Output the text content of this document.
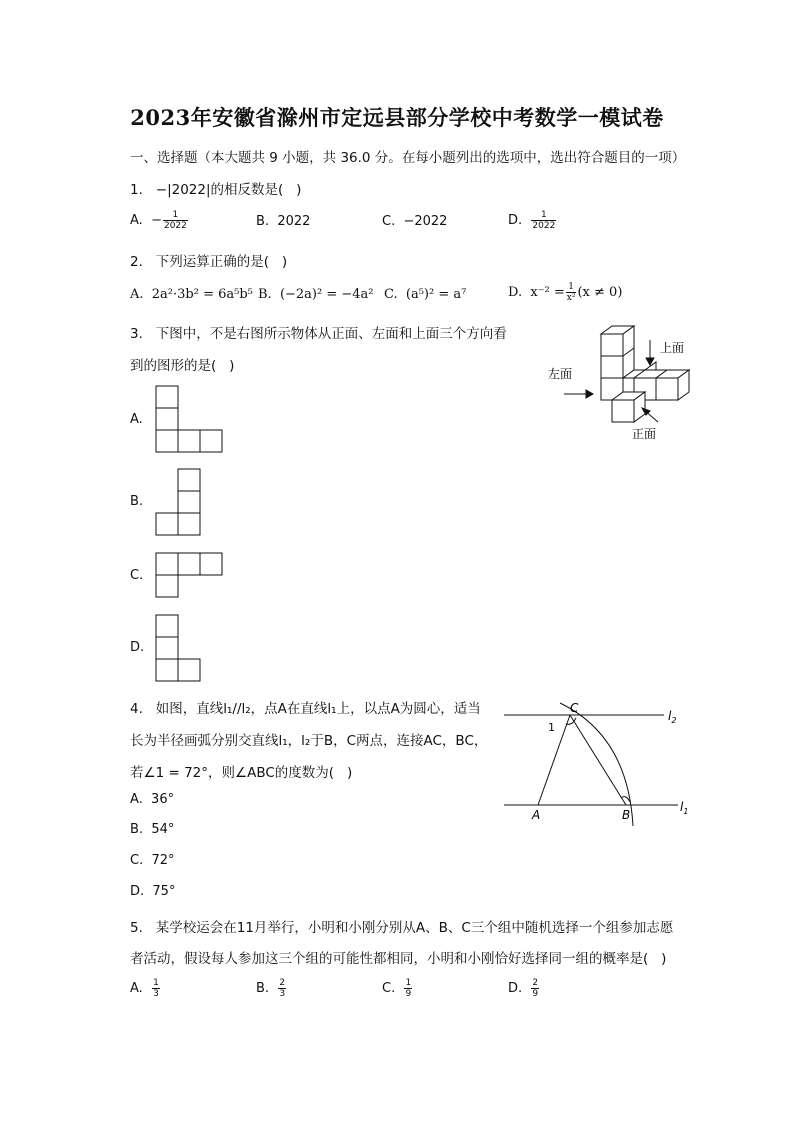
2023年安徽省滁州市定远县部分学校中考数学一模试卷
一、选择题（本大题共 9 小题，共 36.0 分。在每小题列出的选项中，选出符合题目的一项）
1.   −|2022|的相反数是(   )
A. − $\frac{1}{2022}$	B.  2022	C.  −2022	D. $\frac{1}{2022}$
2.   下列运算正确的是(   )
A.  2a²·3b² = 6a⁵b⁵ B.  (−2a)² = −4a² C.  (a⁵)² = a⁷	D.  $x^{-2} = \frac{1}{\text{x²}} (x \ne 0)$
3.   下图中，不是右图所示物体从正面、左面和上面三个方向看
到的图形的是(   )
上面
左面
正面
A.
B.
C.
D.
4.   如图，直线l₁//l₂，点A在直线l₁上，以点A为圆心，适当
长为半径画弧分别交直线l₁，l₂于B，C两点，连接AC，BC，
若∠1 = 72°，则∠ABC的度数为(   )
A.  36°
B.  54°
C.  72°
D.  75°
C
1
A	B
$l_2$
$l_1$
5.   某学校运会在11月举行，小明和小刚分别从A、B、C三个组中随机选择一个组参加志愿
者活动，假设每人参加这三个组的可能性都相同，小明和小刚恰好选择同一组的概率是(   )
A. $\frac{1}{3}$	B. $\frac{2}{3}$	C. $\frac{1}{9}$	D. $\frac{2}{9}$
